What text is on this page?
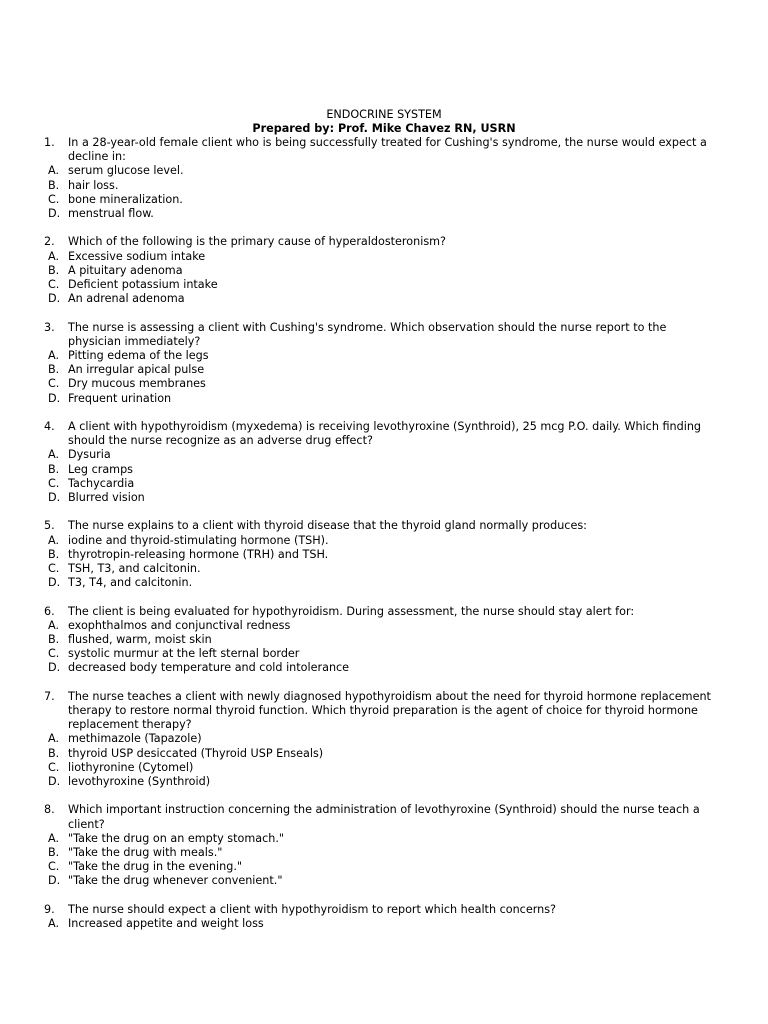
ENDOCRINE SYSTEM
Prepared by: Prof. Mike Chavez RN, USRN
1. In a 28-year-old female client who is being successfully treated for Cushing's syndrome, the nurse would expect a decline in:
A. serum glucose level.
B. hair loss.
C. bone mineralization.
D. menstrual flow.
2. Which of the following is the primary cause of hyperaldosteronism?
A. Excessive sodium intake
B. A pituitary adenoma
C. Deficient potassium intake
D. An adrenal adenoma
3. The nurse is assessing a client with Cushing's syndrome. Which observation should the nurse report to the physician immediately?
A. Pitting edema of the legs
B. An irregular apical pulse
C. Dry mucous membranes
D. Frequent urination
4. A client with hypothyroidism (myxedema) is receiving levothyroxine (Synthroid), 25 mcg P.O. daily. Which finding should the nurse recognize as an adverse drug effect?
A. Dysuria
B. Leg cramps
C. Tachycardia
D. Blurred vision
5. The nurse explains to a client with thyroid disease that the thyroid gland normally produces:
A. iodine and thyroid-stimulating hormone (TSH).
B. thyrotropin-releasing hormone (TRH) and TSH.
C. TSH, T3, and calcitonin.
D. T3, T4, and calcitonin.
6. The client is being evaluated for hypothyroidism. During assessment, the nurse should stay alert for:
A. exophthalmos and conjunctival redness
B. flushed, warm, moist skin
C. systolic murmur at the left sternal border
D. decreased body temperature and cold intolerance
7. The nurse teaches a client with newly diagnosed hypothyroidism about the need for thyroid hormone replacement therapy to restore normal thyroid function. Which thyroid preparation is the agent of choice for thyroid hormone replacement therapy?
A. methimazole (Tapazole)
B. thyroid USP desiccated (Thyroid USP Enseals)
C. liothyronine (Cytomel)
D. levothyroxine (Synthroid)
8. Which important instruction concerning the administration of levothyroxine (Synthroid) should the nurse teach a client?
A. "Take the drug on an empty stomach."
B. "Take the drug with meals."
C. "Take the drug in the evening."
D. "Take the drug whenever convenient."
9. The nurse should expect a client with hypothyroidism to report which health concerns?
A. Increased appetite and weight loss
